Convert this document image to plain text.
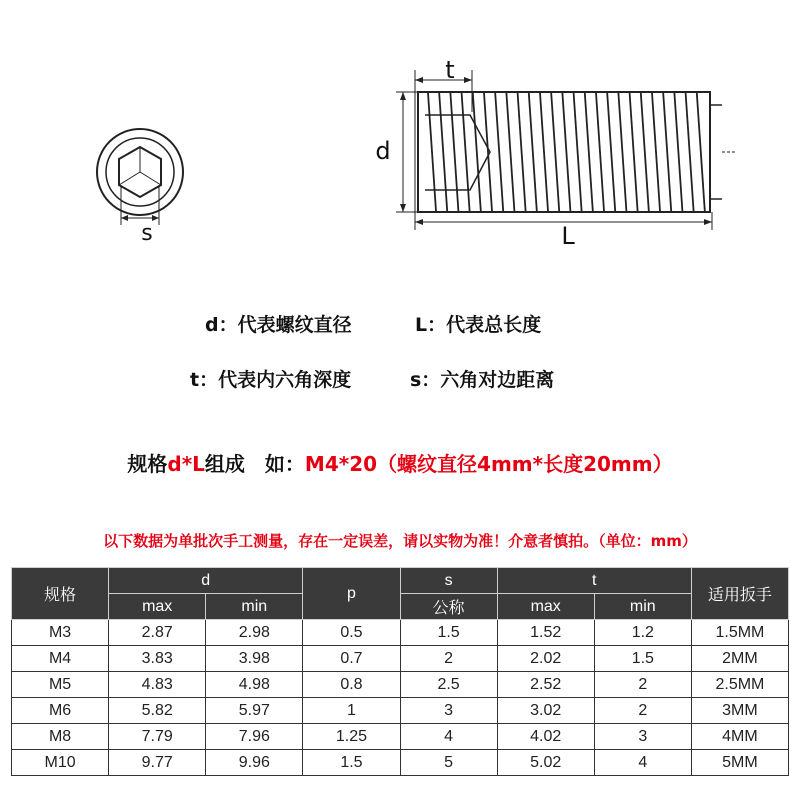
s
t
d
L
d：代表螺纹直径	L：代表总长度
t：代表内六角深度	s：六角对边距离
规格d*L组成　如：M4*20（螺纹直径4mm*长度20mm）
以下数据为单批次手工测量，存在一定误差，请以实物为准！介意者慎拍。（单位：mm）
规格	d		p	s	t		适用扳手
	max	min		公称	max	min	
M3	2.87	2.98	0.5	1.5	1.52	1.2	1.5MM
M4	3.83	3.98	0.7	2	2.02	1.5	2MM
M5	4.83	4.98	0.8	2.5	2.52	2	2.5MM
M6	5.82	5.97	1	3	3.02	2	3MM
M8	7.79	7.96	1.25	4	4.02	3	4MM
M10	9.77	9.96	1.5	5	5.02	4	5MM
